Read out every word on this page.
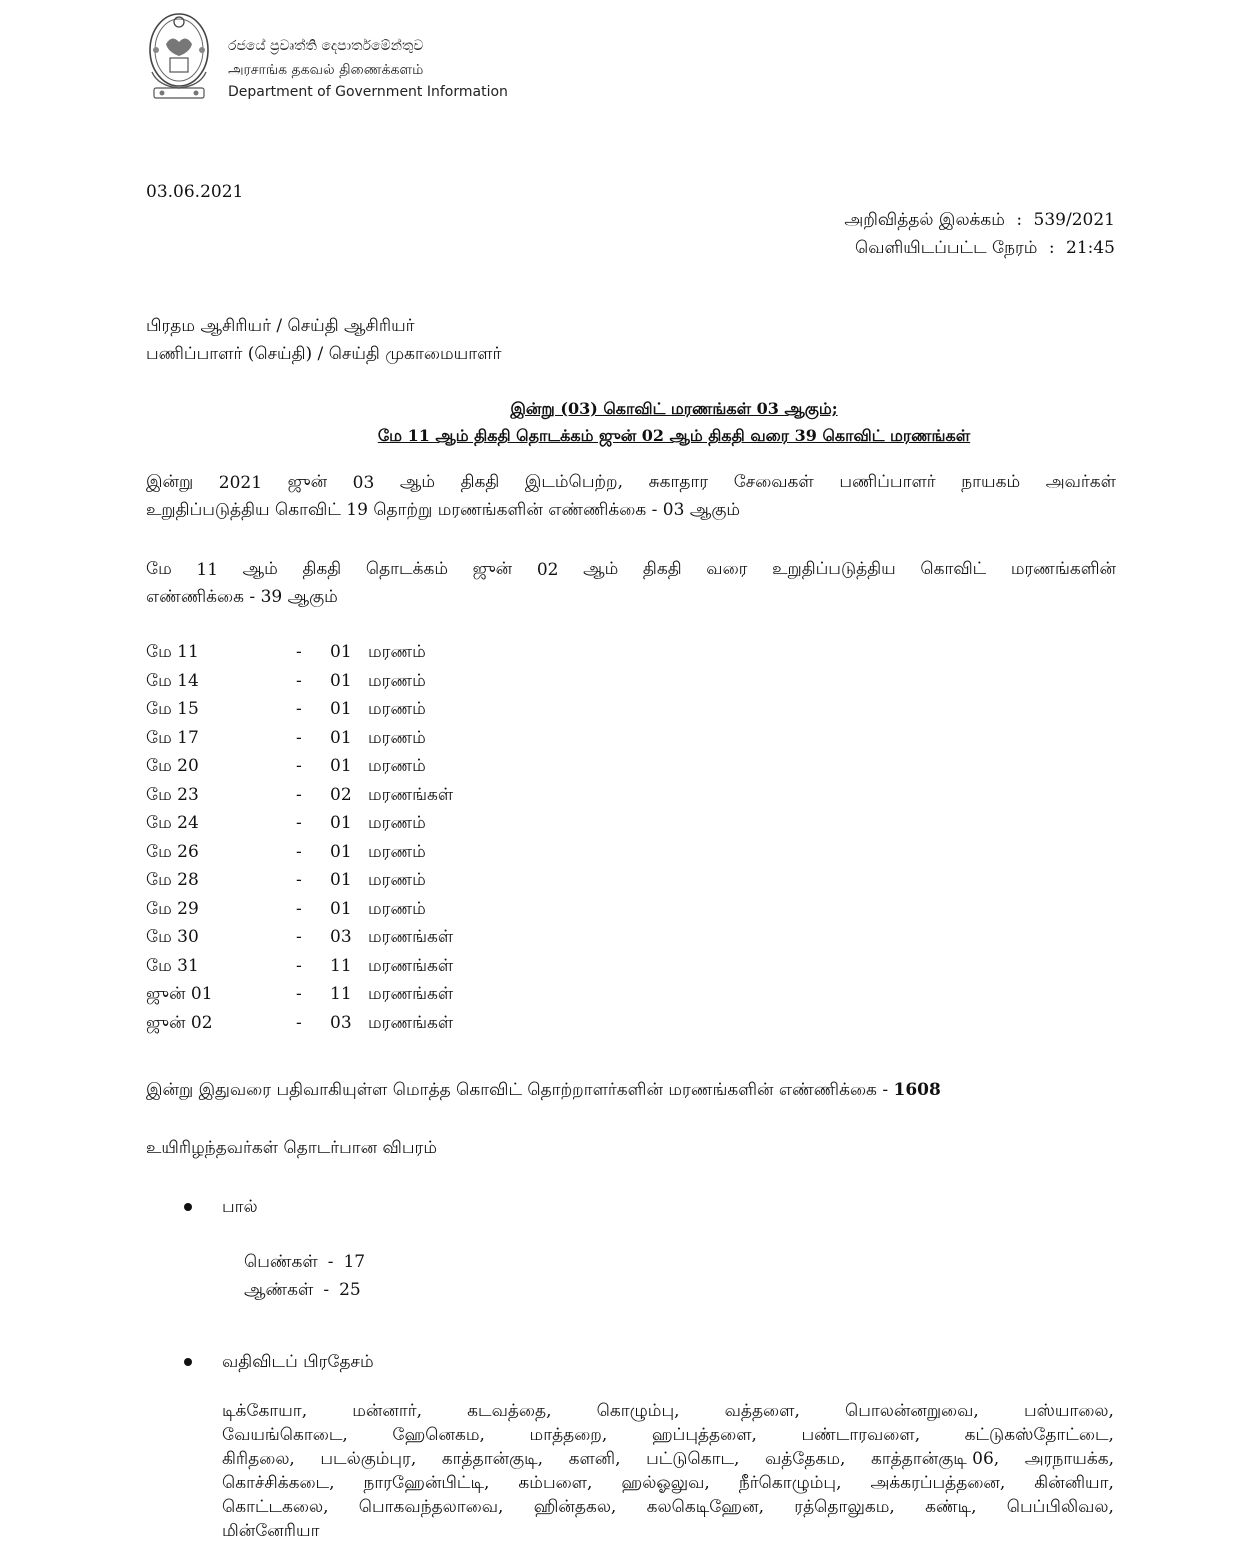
රජයේ ප්‍රවෘත්ති දෙපාර්තමේන්තුව
அரசாங்க தகவல் திணைக்களம்
Department of Government Information
03.06.2021
அறிவித்தல் இலக்கம் : 539/2021
வெளியிடப்பட்ட நேரம் : 21:45
பிரதம ஆசிரியர் / செய்தி ஆசிரியர்
பணிப்பாளர் (செய்தி) / செய்தி முகாமையாளர்
இன்று (03) கொவிட் மரணங்கள் 03 ஆகும்;
மே 11 ஆம் திகதி தொடக்கம் ஜுன் 02 ஆம் திகதி வரை 39 கொவிட் மரணங்கள்
இன்று 2021 ஜுன் 03 ஆம் திகதி இடம்பெற்ற, சுகாதார சேவைகள் பணிப்பாளர் நாயகம் அவர்கள்
உறுதிப்படுத்திய கொவிட் 19 தொற்று மரணங்களின் எண்ணிக்கை - 03 ஆகும்
மே 11 ஆம் திகதி தொடக்கம் ஜுன் 02 ஆம் திகதி வரை உறுதிப்படுத்திய கொவிட் மரணங்களின்
எண்ணிக்கை - 39 ஆகும்
மே 11	- 01 மரணம்
மே 14	- 01 மரணம்
மே 15	- 01 மரணம்
மே 17	- 01 மரணம்
மே 20	- 01 மரணம்
மே 23	- 02 மரணங்கள்
மே 24	- 01 மரணம்
மே 26	- 01 மரணம்
மே 28	- 01 மரணம்
மே 29	- 01 மரணம்
மே 30	- 03 மரணங்கள்
மே 31	- 11 மரணங்கள்
ஜுன் 01	- 11 மரணங்கள்
ஜுன் 02	- 03 மரணங்கள்
இன்று இதுவரை பதிவாகியுள்ள மொத்த கொவிட் தொற்றாளர்களின் மரணங்களின் எண்ணிக்கை - 1608
உயிரிழந்தவர்கள் தொடர்பான விபரம்
பால்
பெண்கள் - 17
ஆண்கள் - 25
வதிவிடப் பிரதேசம்
டிக்கோயா,	மன்னார்,	கடவத்தை,	கொழும்பு,	வத்தளை,	பொலன்னறுவை,	பஸ்யாலை,
வேயங்கொடை,	ஹேனெகம,	மாத்தறை,	ஹப்புத்தளை,	பண்டாரவளை,	கட்டுகஸ்தோட்டை,
கிரிதலை, படல்கும்புர, காத்தான்குடி, களனி, பட்டுகொட, வத்தேகம, காத்தான்குடி 06, அரநாயக்க,
கொச்சிக்கடை, நாரஹேன்பிட்டி, கம்பளை, ஹல்ஓலுவ, நீர்கொழும்பு, அக்கரப்பத்தனை, கின்னியா,
கொட்டகலை, பொகவந்தலாவை, ஹின்தகல, கலகெடிஹேன, ரத்தொலுகம, கண்டி, பெப்பிலிவல,
மின்னேரியா
